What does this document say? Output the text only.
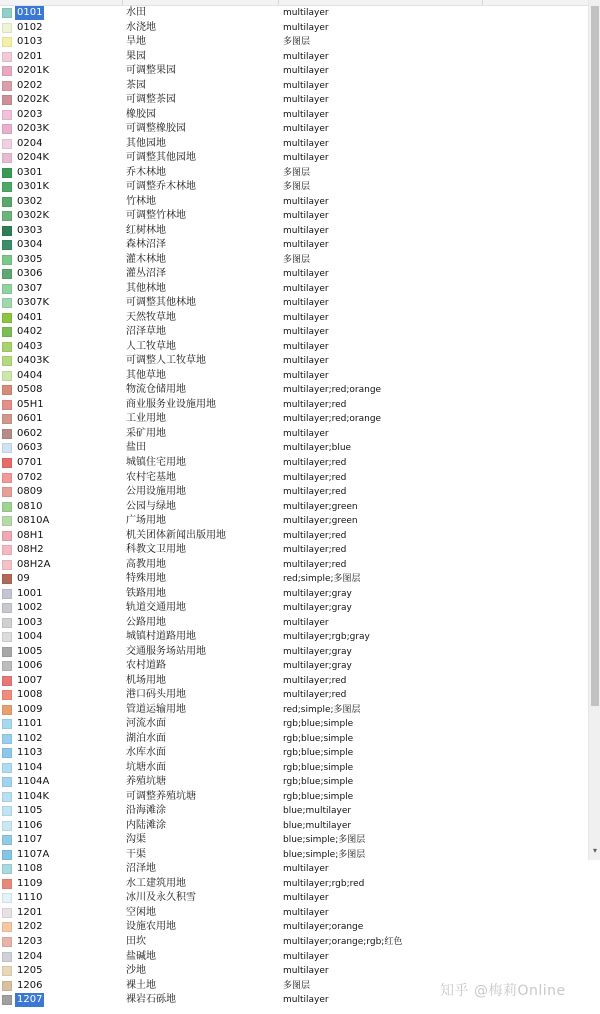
0101	水田	multilayer
0102	水浇地	multilayer
0103	旱地	多图层
0201	果园	multilayer
0201K	可调整果园	multilayer
0202	茶园	multilayer
0202K	可调整茶园	multilayer
0203	橡胶园	multilayer
0203K	可调整橡胶园	multilayer
0204	其他园地	multilayer
0204K	可调整其他园地	multilayer
0301	乔木林地	多图层
0301K	可调整乔木林地	多图层
0302	竹林地	multilayer
0302K	可调整竹林地	multilayer
0303	红树林地	multilayer
0304	森林沼泽	multilayer
0305	灌木林地	多图层
0306	灌丛沼泽	multilayer
0307	其他林地	multilayer
0307K	可调整其他林地	multilayer
0401	天然牧草地	multilayer
0402	沼泽草地	multilayer
0403	人工牧草地	multilayer
0403K	可调整人工牧草地	multilayer
0404	其他草地	multilayer
0508	物流仓储用地	multilayer;red;orange
05H1	商业服务业设施用地	multilayer;red
0601	工业用地	multilayer;red;orange
0602	采矿用地	multilayer
0603	盐田	multilayer;blue
0701	城镇住宅用地	multilayer;red
0702	农村宅基地	multilayer;red
0809	公用设施用地	multilayer;red
0810	公园与绿地	multilayer;green
0810A	广场用地	multilayer;green
08H1	机关团体新闻出版用地	multilayer;red
08H2	科教文卫用地	multilayer;red
08H2A	高教用地	multilayer;red
09	特殊用地	red;simple;多图层
1001	铁路用地	multilayer;gray
1002	轨道交通用地	multilayer;gray
1003	公路用地	multilayer
1004	城镇村道路用地	multilayer;rgb;gray
1005	交通服务场站用地	multilayer;gray
1006	农村道路	multilayer;gray
1007	机场用地	multilayer;red
1008	港口码头用地	multilayer;red
1009	管道运输用地	red;simple;多图层
1101	河流水面	rgb;blue;simple
1102	湖泊水面	rgb;blue;simple
1103	水库水面	rgb;blue;simple
1104	坑塘水面	rgb;blue;simple
1104A	养殖坑塘	rgb;blue;simple
1104K	可调整养殖坑塘	rgb;blue;simple
1105	沿海滩涂	blue;multilayer
1106	内陆滩涂	blue;multilayer
1107	沟渠	blue;simple;多图层
1107A	干渠	blue;simple;多图层
1108	沼泽地	multilayer
1109	水工建筑用地	multilayer;rgb;red
1110	冰川及永久积雪	multilayer
1201	空闲地	multilayer
1202	设施农用地	multilayer;orange
1203	田坎	multilayer;orange;rgb;红色
1204	盐碱地	multilayer
1205	沙地	multilayer
1206	裸土地	多图层
1207	裸岩石砾地	multilayer
▾
知乎 @梅莉Online
